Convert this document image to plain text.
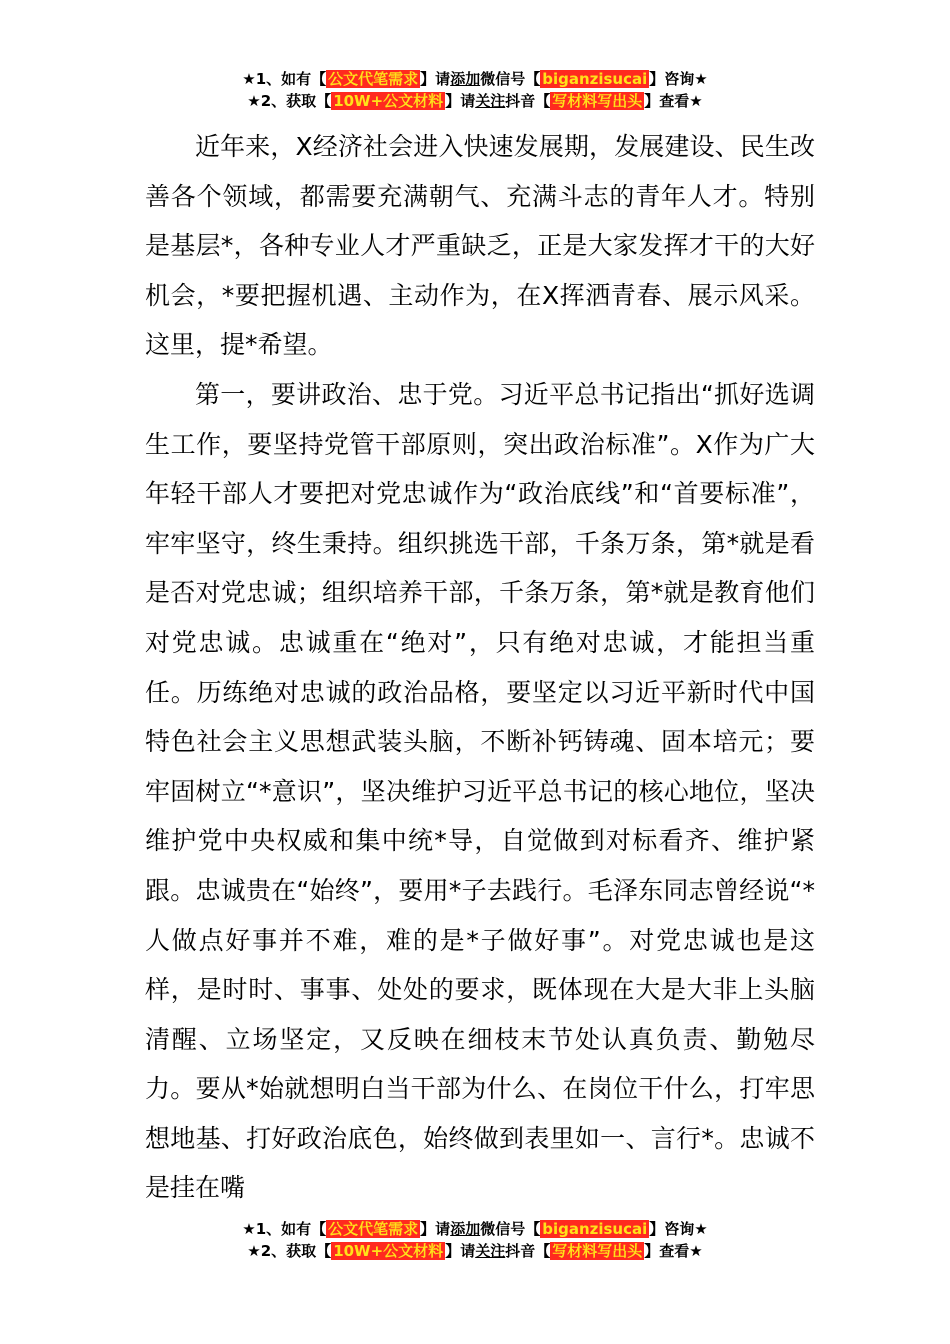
★1、如有【 公文代笔需求 】请添加微信号【 biganzisucai 】咨询★
★2、获取【 10W+公文材料 】请关注抖音【 写材料写出头 】查看★

近年来，X经济社会进入快速发展期，发展建设、民生改善各个领域，都需要充满朝气、充满斗志的青年人才。特别是基层*，各种专业人才严重缺乏，正是大家发挥才干的大好机会，*要把握机遇、主动作为，在X挥洒青春、展示风采。这里，提*希望。

第一，要讲政治、忠于党。习近平总书记指出“抓好选调生工作，要坚持党管干部原则，突出政治标准”。X作为广大年轻干部人才要把对党忠诚作为“政治底线”和“首要标准”，牢牢坚守，终生秉持。组织挑选干部，千条万条，第*就是看是否对党忠诚；组织培养干部，千条万条，第*就是教育他们对党忠诚。忠诚重在“绝对”，只有绝对忠诚，才能担当重任。历练绝对忠诚的政治品格，要坚定以习近平新时代中国特色社会主义思想武装头脑，不断补钙铸魂、固本培元；要牢固树立“*意识”，坚决维护习近平总书记的核心地位，坚决维护党中央权威和集中统*导，自觉做到对标看齐、维护紧跟。忠诚贵在“始终”，要用*子去践行。毛泽东同志曾经说“*人做点好事并不难，难的是*子做好事”。对党忠诚也是这样，是时时、事事、处处的要求，既体现在大是大非上头脑清醒、立场坚定，又反映在细枝末节处认真负责、勤勉尽力。要从*始就想明白当干部为什么、在岗位干什么，打牢思想地基、打好政治底色，始终做到表里如一、言行*。忠诚不是挂在嘴

★1、如有【 公文代笔需求 】请添加微信号【 biganzisucai 】咨询★
★2、获取【 10W+公文材料 】请关注抖音【 写材料写出头 】查看★
